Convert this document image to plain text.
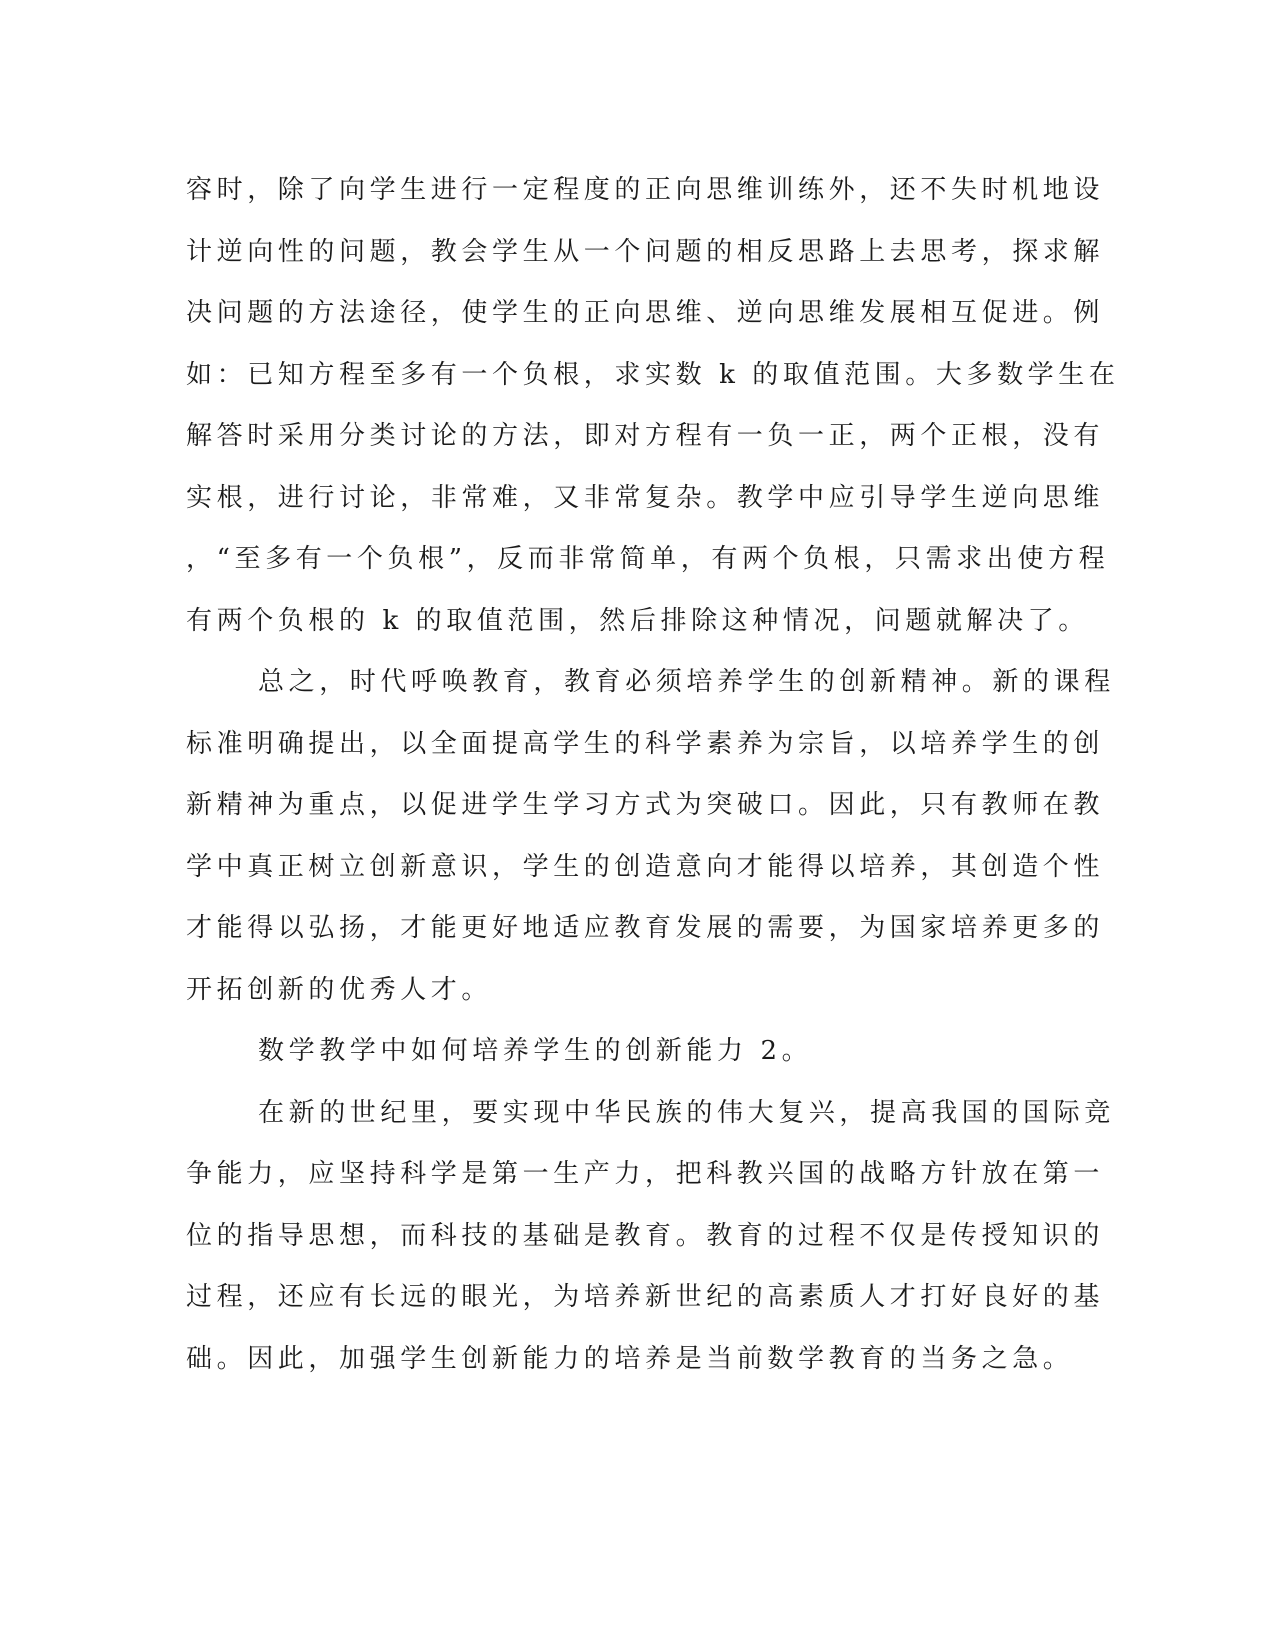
容时，除了向学生进行一定程度的正向思维训练外，还不失时机地设
计逆向性的问题，教会学生从一个问题的相反思路上去思考，探求解
决问题的方法途径，使学生的正向思维、逆向思维发展相互促进。例
如：已知方程至多有一个负根，求实数 k 的取值范围。大多数学生在
解答时采用分类讨论的方法，即对方程有一负一正，两个正根，没有
实根，进行讨论，非常难，又非常复杂。教学中应引导学生逆向思维
，“至多有一个负根”，反而非常简单，有两个负根，只需求出使方程
有两个负根的 k 的取值范围，然后排除这种情况，问题就解决了。
总之，时代呼唤教育，教育必须培养学生的创新精神。新的课程
标准明确提出，以全面提高学生的科学素养为宗旨，以培养学生的创
新精神为重点，以促进学生学习方式为突破口。因此，只有教师在教
学中真正树立创新意识，学生的创造意向才能得以培养，其创造个性
才能得以弘扬，才能更好地适应教育发展的需要，为国家培养更多的
开拓创新的优秀人才。
数学教学中如何培养学生的创新能力 2。
在新的世纪里，要实现中华民族的伟大复兴，提高我国的国际竞
争能力，应坚持科学是第一生产力，把科教兴国的战略方针放在第一
位的指导思想，而科技的基础是教育。教育的过程不仅是传授知识的
过程，还应有长远的眼光，为培养新世纪的高素质人才打好良好的基
础。因此，加强学生创新能力的培养是当前数学教育的当务之急。
